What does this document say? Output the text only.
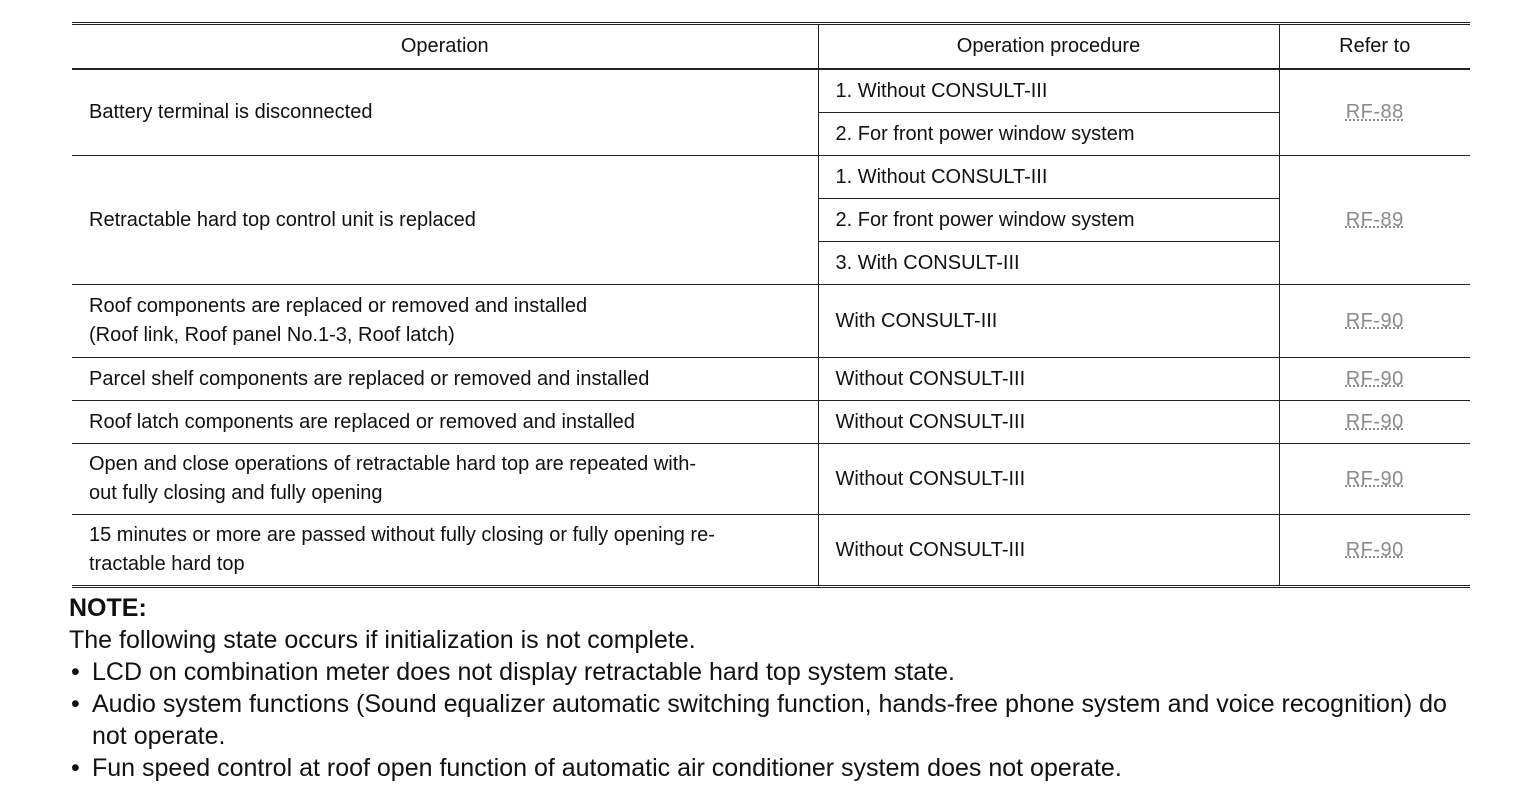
Operation	Operation procedure	Refer to
Battery terminal is disconnected	1. Without CONSULT-III	RF-88
	2. For front power window system	
Retractable hard top control unit is replaced	1. Without CONSULT-III	RF-89
	2. For front power window system	
	3. With CONSULT-III	

Roof components are replaced or removed and installed
(Roof link, Roof panel No.1-3, Roof latch)	With CONSULT-III	RF-90
Parcel shelf components are replaced or removed and installed	Without CONSULT-III	RF-90
Roof latch components are replaced or removed and installed	Without CONSULT-III	RF-90

Open and close operations of retractable hard top are repeated with-
out fully closing and fully opening	Without CONSULT-III	RF-90

15 minutes or more are passed without fully closing or fully opening re-
tractable hard top	Without CONSULT-III	RF-90
NOTE:
The following state occurs if initialization is not complete.
• LCD on combination meter does not display retractable hard top system state.
• Audio system functions (Sound equalizer automatic switching function, hands-free phone system and voice recognition) do not operate.
• Fun speed control at roof open function of automatic air conditioner system does not operate.
